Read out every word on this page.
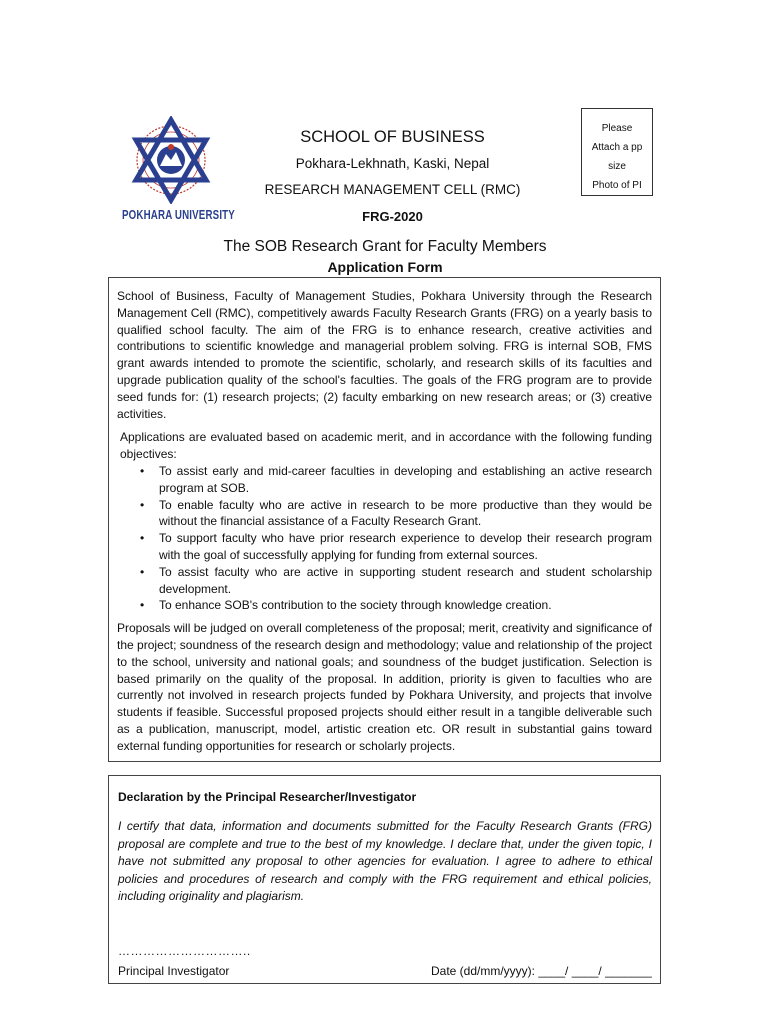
POKHARA UNIVERSITY
SCHOOL OF BUSINESS
Pokhara-Lekhnath, Kaski, Nepal
RESEARCH MANAGEMENT CELL (RMC)
FRG-2020
Please
Attach a pp
size
Photo of PI
The SOB Research Grant for Faculty Members
Application Form

School of Business, Faculty of Management Studies, Pokhara University through the Research Management Cell (RMC), competitively awards Faculty Research Grants (FRG) on a yearly basis to qualified school faculty. The aim of the FRG is to enhance research, creative activities and contributions to scientific knowledge and managerial problem solving. FRG is internal SOB, FMS grant awards intended to promote the scientific, scholarly, and research skills of its faculties and upgrade publication quality of the school's faculties. The goals of the FRG program are to provide seed funds for: (1) research projects; (2) faculty embarking on new research areas; or (3) creative activities.

Applications are evaluated based on academic merit, and in accordance with the following funding objectives:

• To assist early and mid-career faculties in developing and establishing an active research program at SOB.
• To enable faculty who are active in research to be more productive than they would be without the financial assistance of a Faculty Research Grant.
• To support faculty who have prior research experience to develop their research program with the goal of successfully applying for funding from external sources.
• To assist faculty who are active in supporting student research and student scholarship development.
• To enhance SOB's contribution to the society through knowledge creation.

Proposals will be judged on overall completeness of the proposal; merit, creativity and significance of the project; soundness of the research design and methodology; value and relationship of the project to the school, university and national goals; and soundness of the budget justification. Selection is based primarily on the quality of the proposal. In addition, priority is given to faculties who are currently not involved in research projects funded by Pokhara University, and projects that involve students if feasible. Successful proposed projects should either result in a tangible deliverable such as a publication, manuscript, model, artistic creation etc. OR result in substantial gains toward external funding opportunities for research or scholarly projects.

Declaration by the Principal Researcher/Investigator

I certify that data, information and documents submitted for the Faculty Research Grants (FRG) proposal are complete and true to the best of my knowledge. I declare that, under the given topic, I have not submitted any proposal to other agencies for evaluation. I agree to adhere to ethical policies and procedures of research and comply with the FRG requirement and ethical policies, including originality and plagiarism.

…………………………..
Principal Investigator	Date (dd/mm/yyyy): ____/ ____/ _______
